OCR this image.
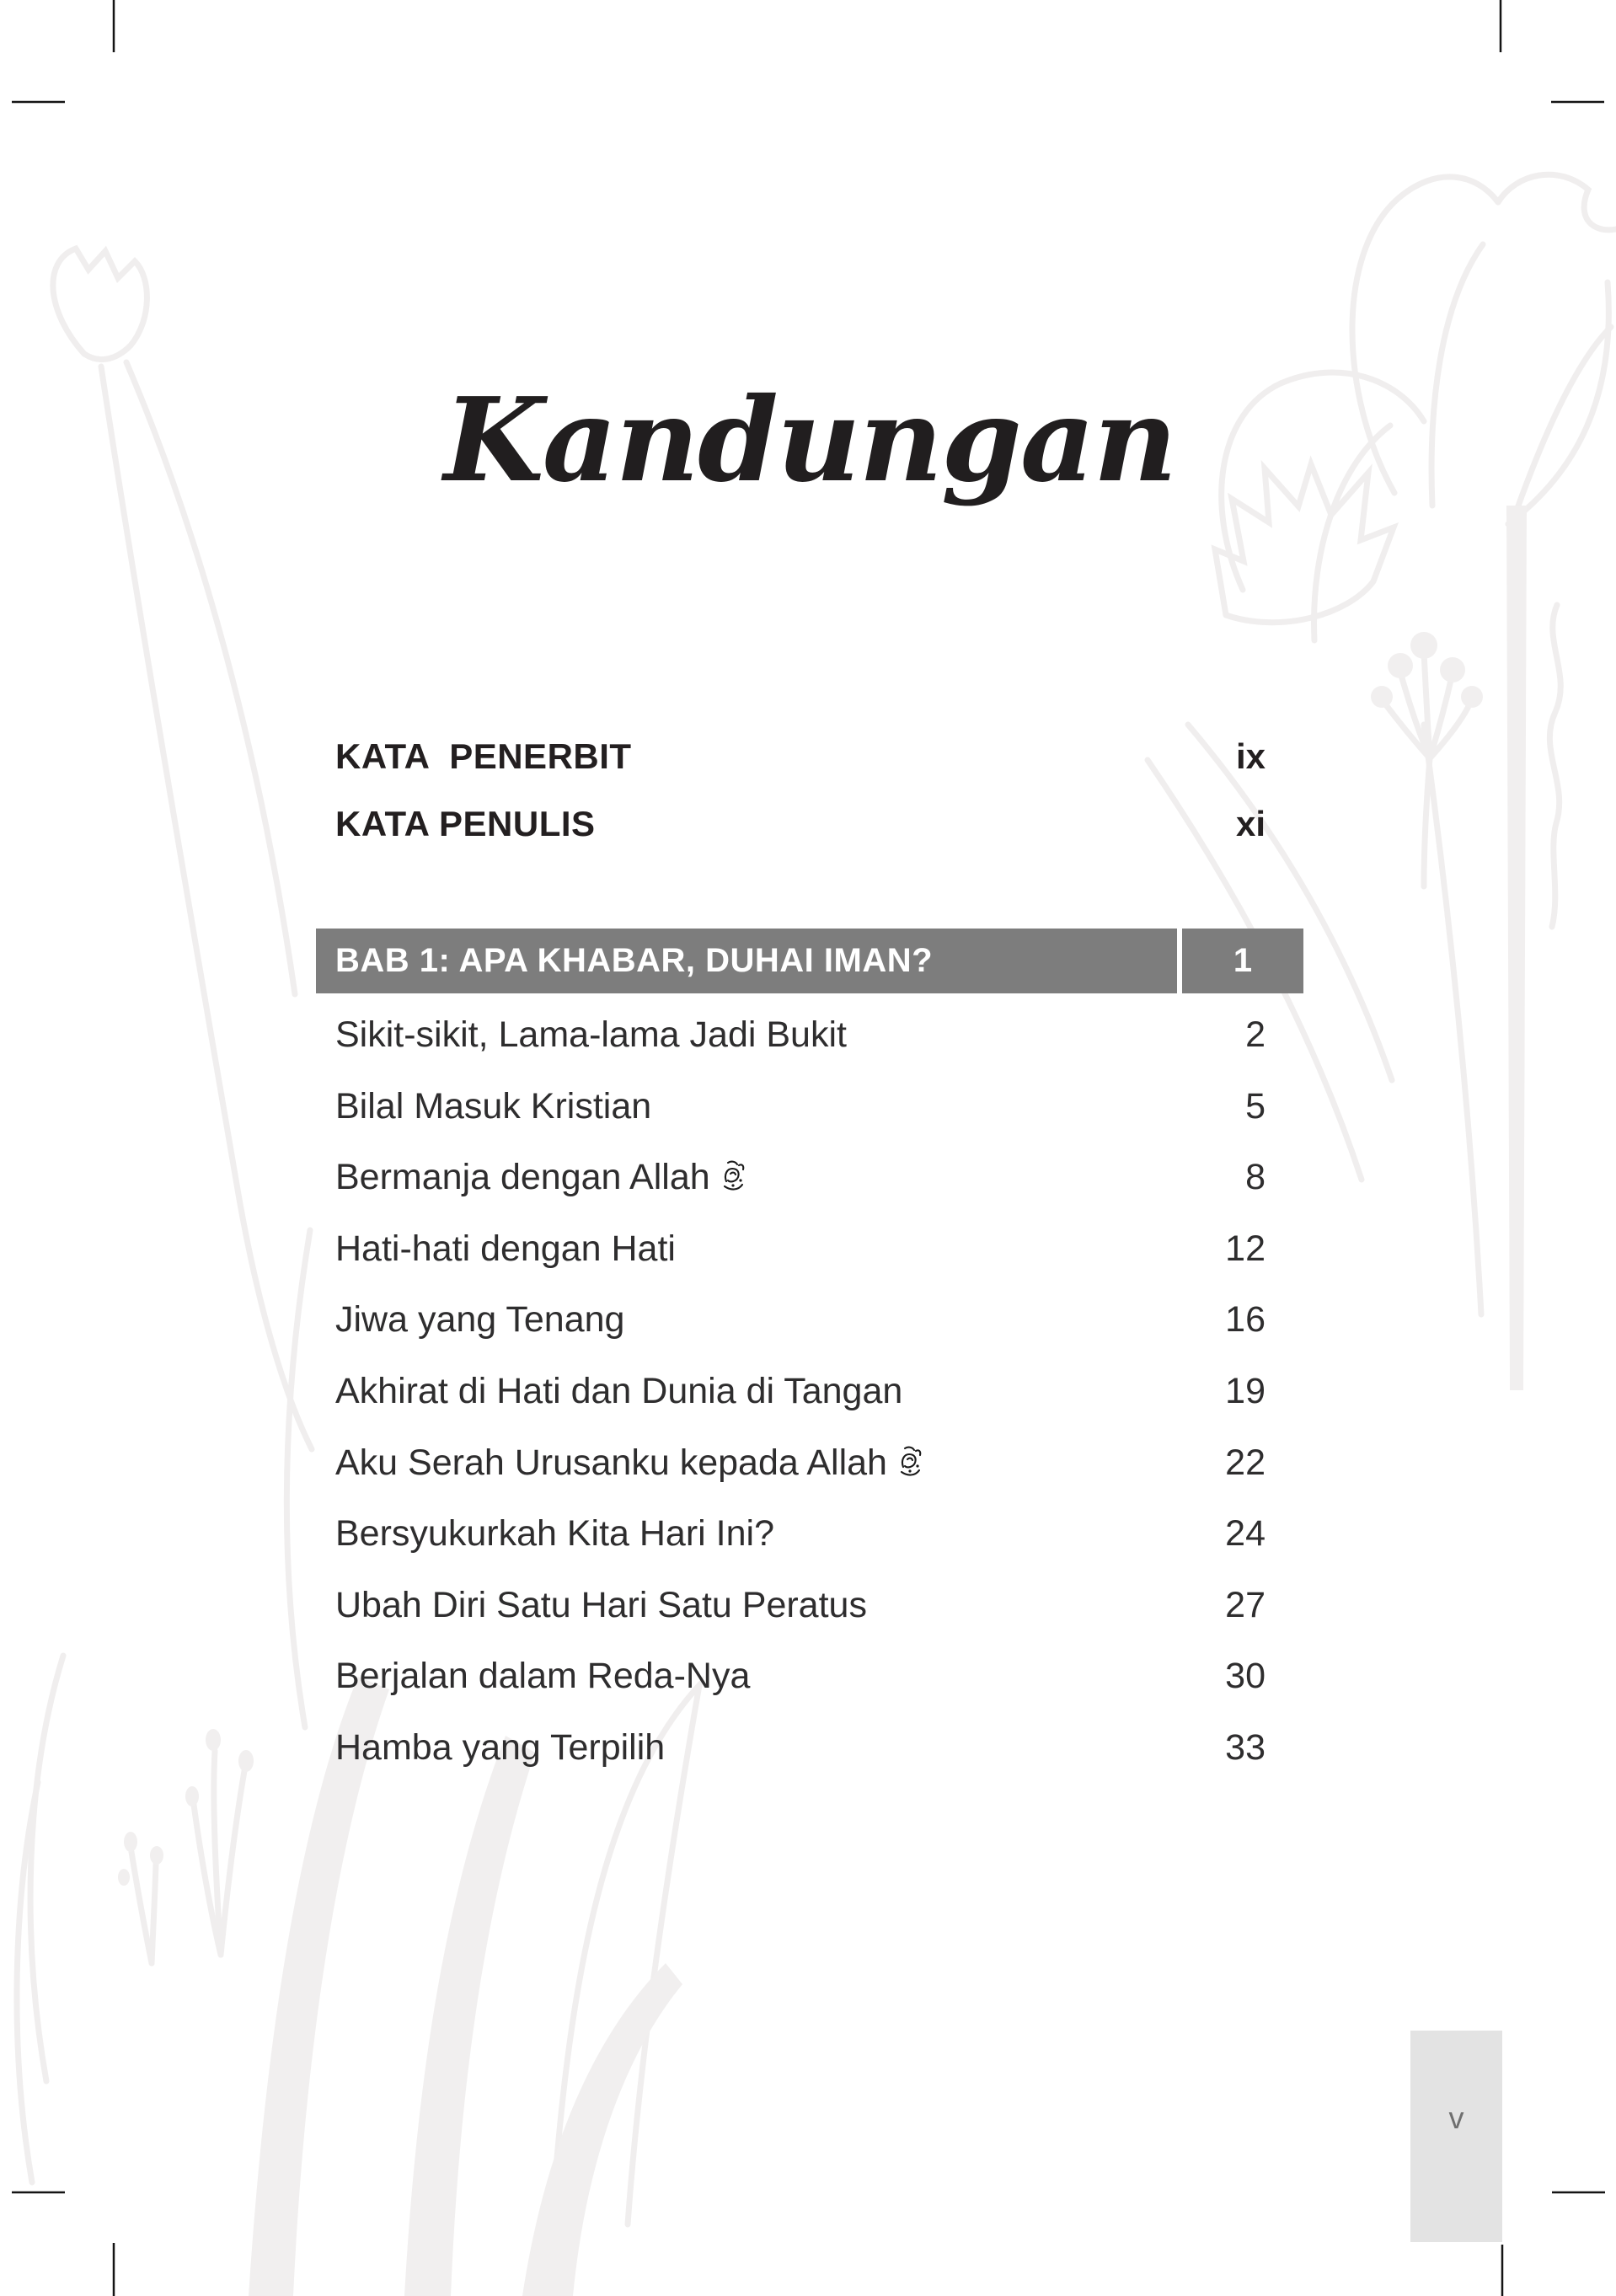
Kandungan
KATA  PENERBIT	ix
KATA PENULIS	xi
BAB 1: APA KHABAR, DUHAI IMAN?	1
Sikit-sikit, Lama-lama Jadi Bukit	2
Bilal Masuk Kristian	5
Bermanja dengan Allah	8
Hati-hati dengan Hati	12
Jiwa yang Tenang	16
Akhirat di Hati dan Dunia di Tangan	19
Aku Serah Urusanku kepada Allah	22
Bersyukurkah Kita Hari Ini?	24
Ubah Diri Satu Hari Satu Peratus	27
Berjalan dalam Reda-Nya	30
Hamba yang Terpilih	33
v
